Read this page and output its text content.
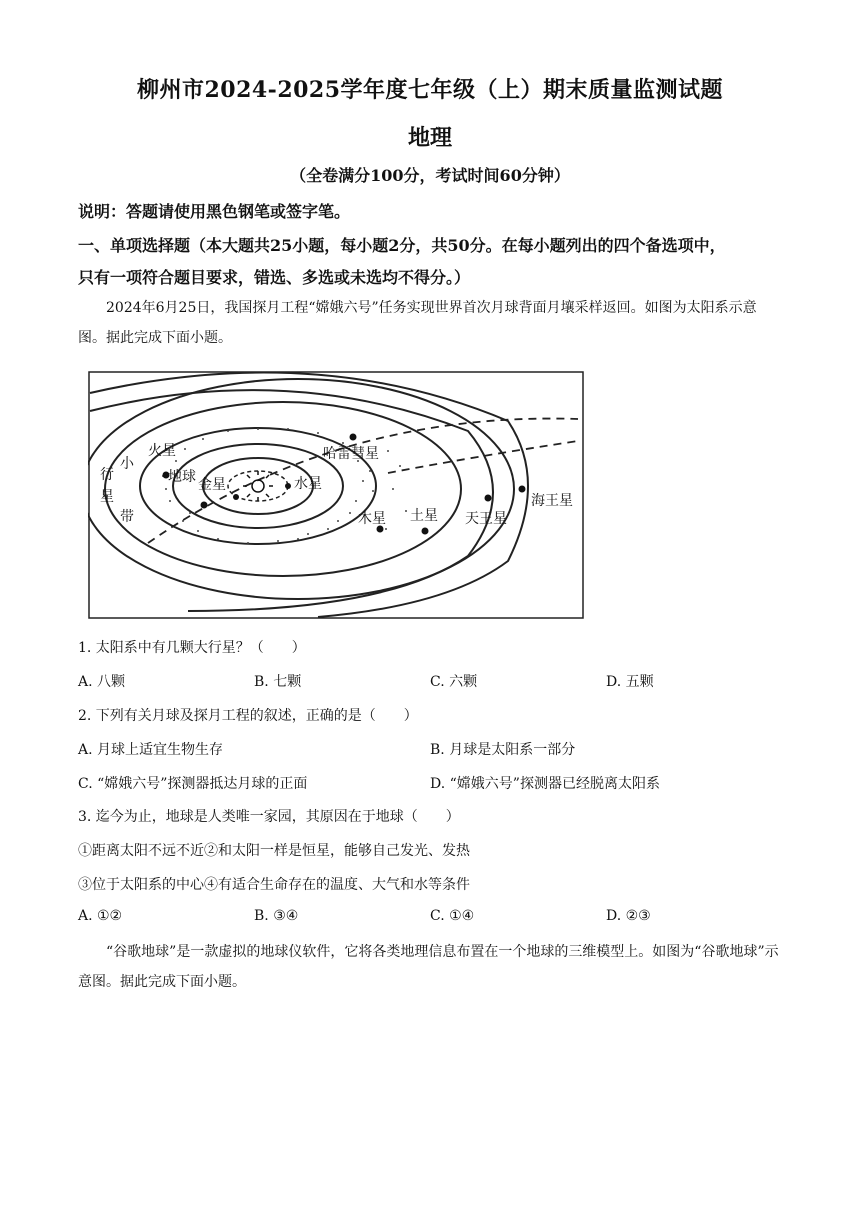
柳州市2024-2025学年度七年级（上）期末质量监测试题
地理
（全卷满分100分，考试时间60分钟）
说明：答题请使用黑色钢笔或签字笔。
一、单项选择题（本大题共25小题，每小题2分，共50分。在每小题列出的四个备选项中，
只有一项符合题目要求，错选、多选或未选均不得分。）
2024年6月25日，我国探月工程“嫦娥六号”任务实现世界首次月球背面月壤采样返回。如图为太阳系示意图。据此完成下面小题。
小
行
星
带
火星
地球 金星	水星
哈雷彗星
木星 土星 天王星
海王星
1. 太阳系中有几颗大行星？（　　）
A. 八颗	B. 七颗	C. 六颗	D. 五颗
2. 下列有关月球及探月工程的叙述，正确的是（　　）
A. 月球上适宜生物生存	B. 月球是太阳系一部分
C. “嫦娥六号”探测器抵达月球的正面	D. “嫦娥六号”探测器已经脱离太阳系
3. 迄今为止，地球是人类唯一家园，其原因在于地球（　　）
①距离太阳不远不近②和太阳一样是恒星，能够自己发光、发热
③位于太阳系的中心④有适合生命存在的温度、大气和水等条件
A. ①②	B. ③④	C. ①④	D. ②③
“谷歌地球”是一款虚拟的地球仪软件，它将各类地理信息布置在一个地球的三维模型上。如图为“谷歌地球”示意图。据此完成下面小题。
